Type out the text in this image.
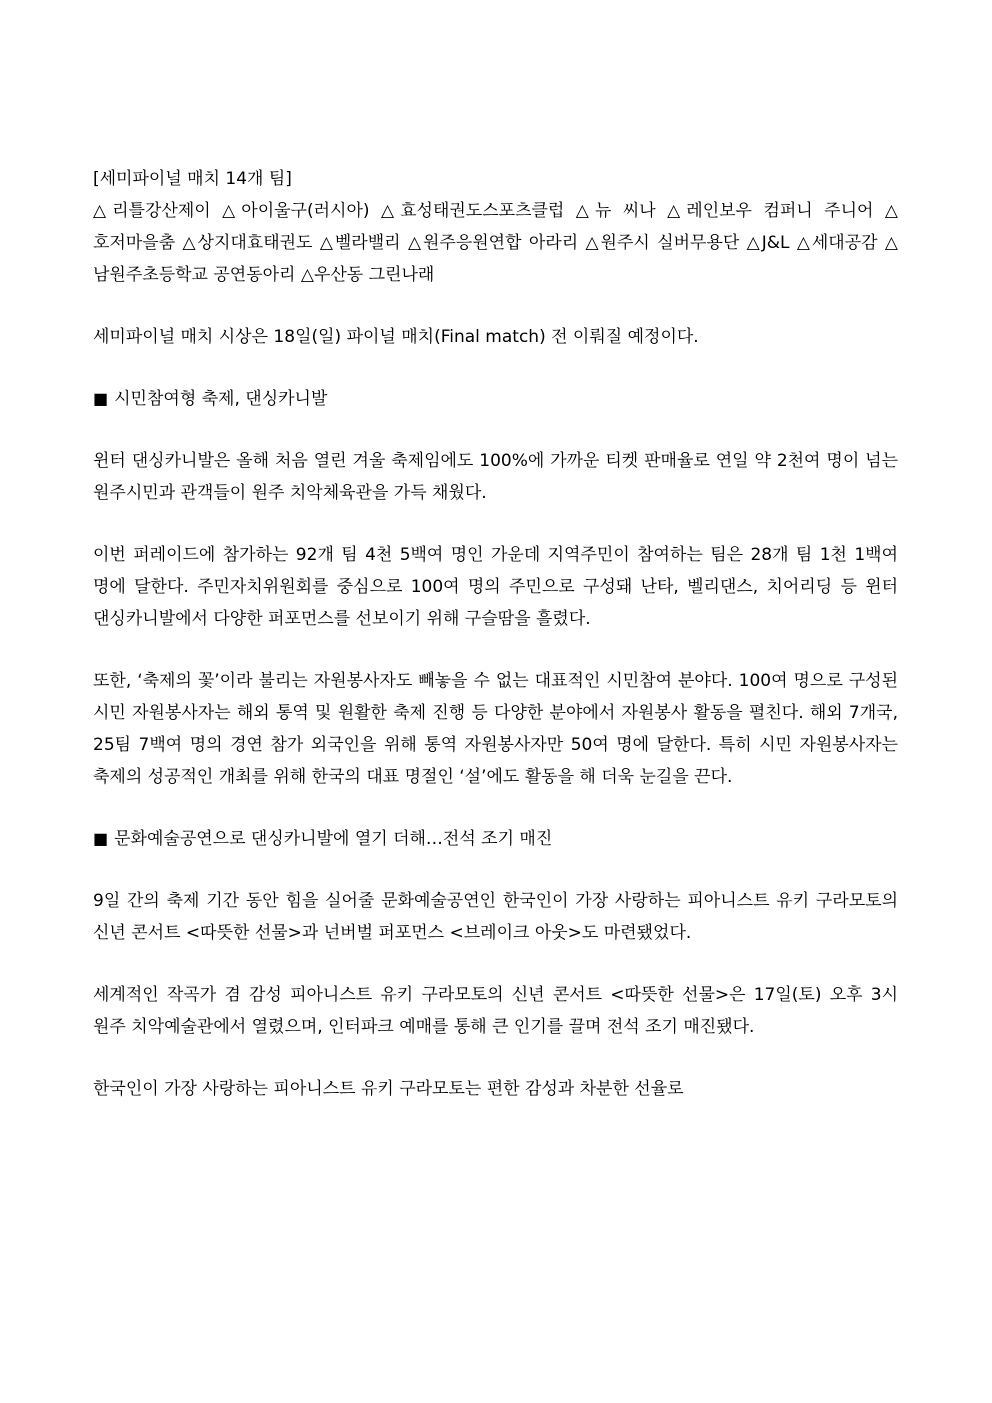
[세미파이널 매치 14개 팀]
△리틀강산제이 △아이울구(러시아) △효성태권도스포츠클럽 △뉴 씨나 △레인보우 컴퍼니 주니어 △호저마을춤 △상지대효태권도 △벨라밸리 △원주응원연합 아라리 △원주시 실버무용단 △J&L △세대공감 △남원주초등학교 공연동아리 △우산동 그린나래
세미파이널 매치 시상은 18일(일) 파이널 매치(Final match) 전 이뤄질 예정이다.
■ 시민참여형 축제, 댄싱카니발
윈터 댄싱카니발은 올해 처음 열린 겨울 축제임에도 100%에 가까운 티켓 판매율로 연일 약 2천여 명이 넘는 원주시민과 관객들이 원주 치악체육관을 가득 채웠다.
이번 퍼레이드에 참가하는 92개 팀 4천 5백여 명인 가운데 지역주민이 참여하는 팀은 28개 팀 1천 1백여 명에 달한다. 주민자치위원회를 중심으로 100여 명의 주민으로 구성돼 난타, 벨리댄스, 치어리딩 등 윈터 댄싱카니발에서 다양한 퍼포먼스를 선보이기 위해 구슬땀을 흘렸다.
또한, ‘축제의 꽃’이라 불리는 자원봉사자도 빼놓을 수 없는 대표적인 시민참여 분야다. 100여 명으로 구성된 시민 자원봉사자는 해외 통역 및 원활한 축제 진행 등 다양한 분야에서 자원봉사 활동을 펼친다. 해외 7개국, 25팀 7백여 명의 경연 참가 외국인을 위해 통역 자원봉사자만 50여 명에 달한다. 특히 시민 자원봉사자는 축제의 성공적인 개최를 위해 한국의 대표 명절인 ‘설’에도 활동을 해 더욱 눈길을 끈다.
■ 문화예술공연으로 댄싱카니발에 열기 더해…전석 조기 매진
9일 간의 축제 기간 동안 힘을 실어줄 문화예술공연인 한국인이 가장 사랑하는 피아니스트 유키 구라모토의 신년 콘서트 <따뜻한 선물>과 넌버벌 퍼포먼스 <브레이크 아웃>도 마련됐었다.
세계적인 작곡가 겸 감성 피아니스트 유키 구라모토의 신년 콘서트 <따뜻한 선물>은 17일(토) 오후 3시 원주 치악예술관에서 열렸으며, 인터파크 예매를 통해 큰 인기를 끌며 전석 조기 매진됐다.
한국인이 가장 사랑하는 피아니스트 유키 구라모토는 편한 감성과 차분한 선율로
